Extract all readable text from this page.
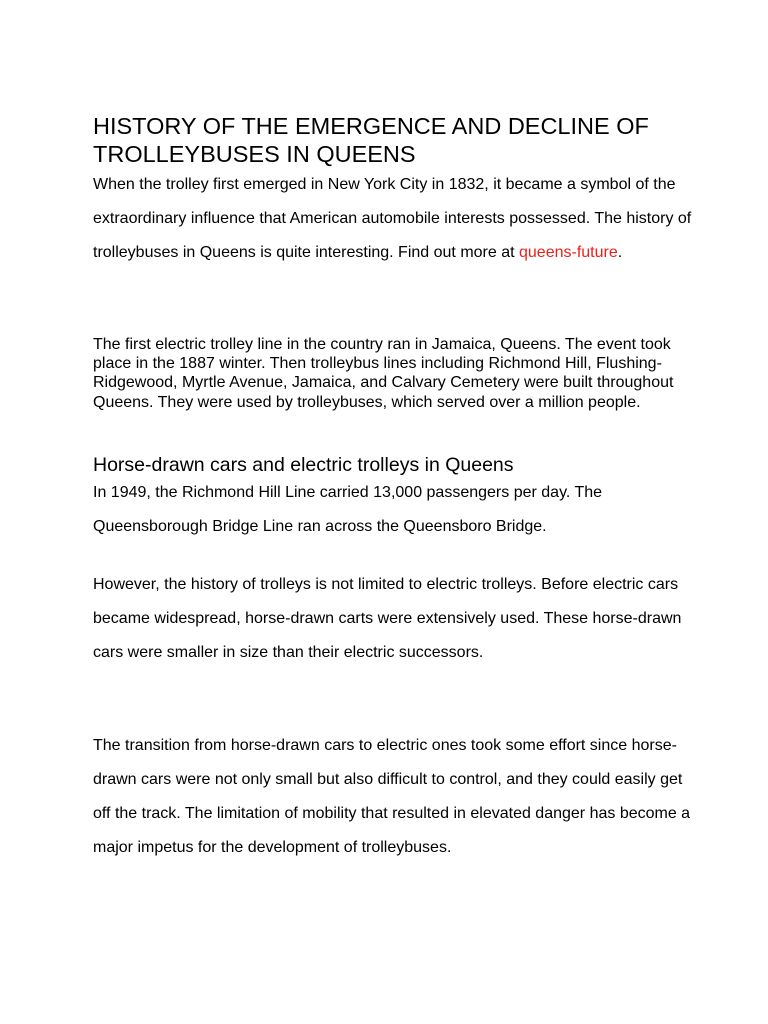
HISTORY OF THE EMERGENCE AND DECLINE OF TROLLEYBUSES IN QUEENS

When the trolley first emerged in New York City in 1832, it became a symbol of the extraordinary influence that American automobile interests possessed. The history of trolleybuses in Queens is quite interesting. Find out more at queens-future.

The first electric trolley line in the country ran in Jamaica, Queens. The event took place in the 1887 winter. Then trolleybus lines including Richmond Hill, Flushing-Ridgewood, Myrtle Avenue, Jamaica, and Calvary Cemetery were built throughout Queens. They were used by trolleybuses, which served over a million people.

Horse-drawn cars and electric trolleys in Queens

In 1949, the Richmond Hill Line carried 13,000 passengers per day. The Queensborough Bridge Line ran across the Queensboro Bridge.

However, the history of trolleys is not limited to electric trolleys. Before electric cars became widespread, horse-drawn carts were extensively used. These horse-drawn cars were smaller in size than their electric successors.

The transition from horse-drawn cars to electric ones took some effort since horse-drawn cars were not only small but also difficult to control, and they could easily get off the track. The limitation of mobility that resulted in elevated danger has become a major impetus for the development of trolleybuses.
